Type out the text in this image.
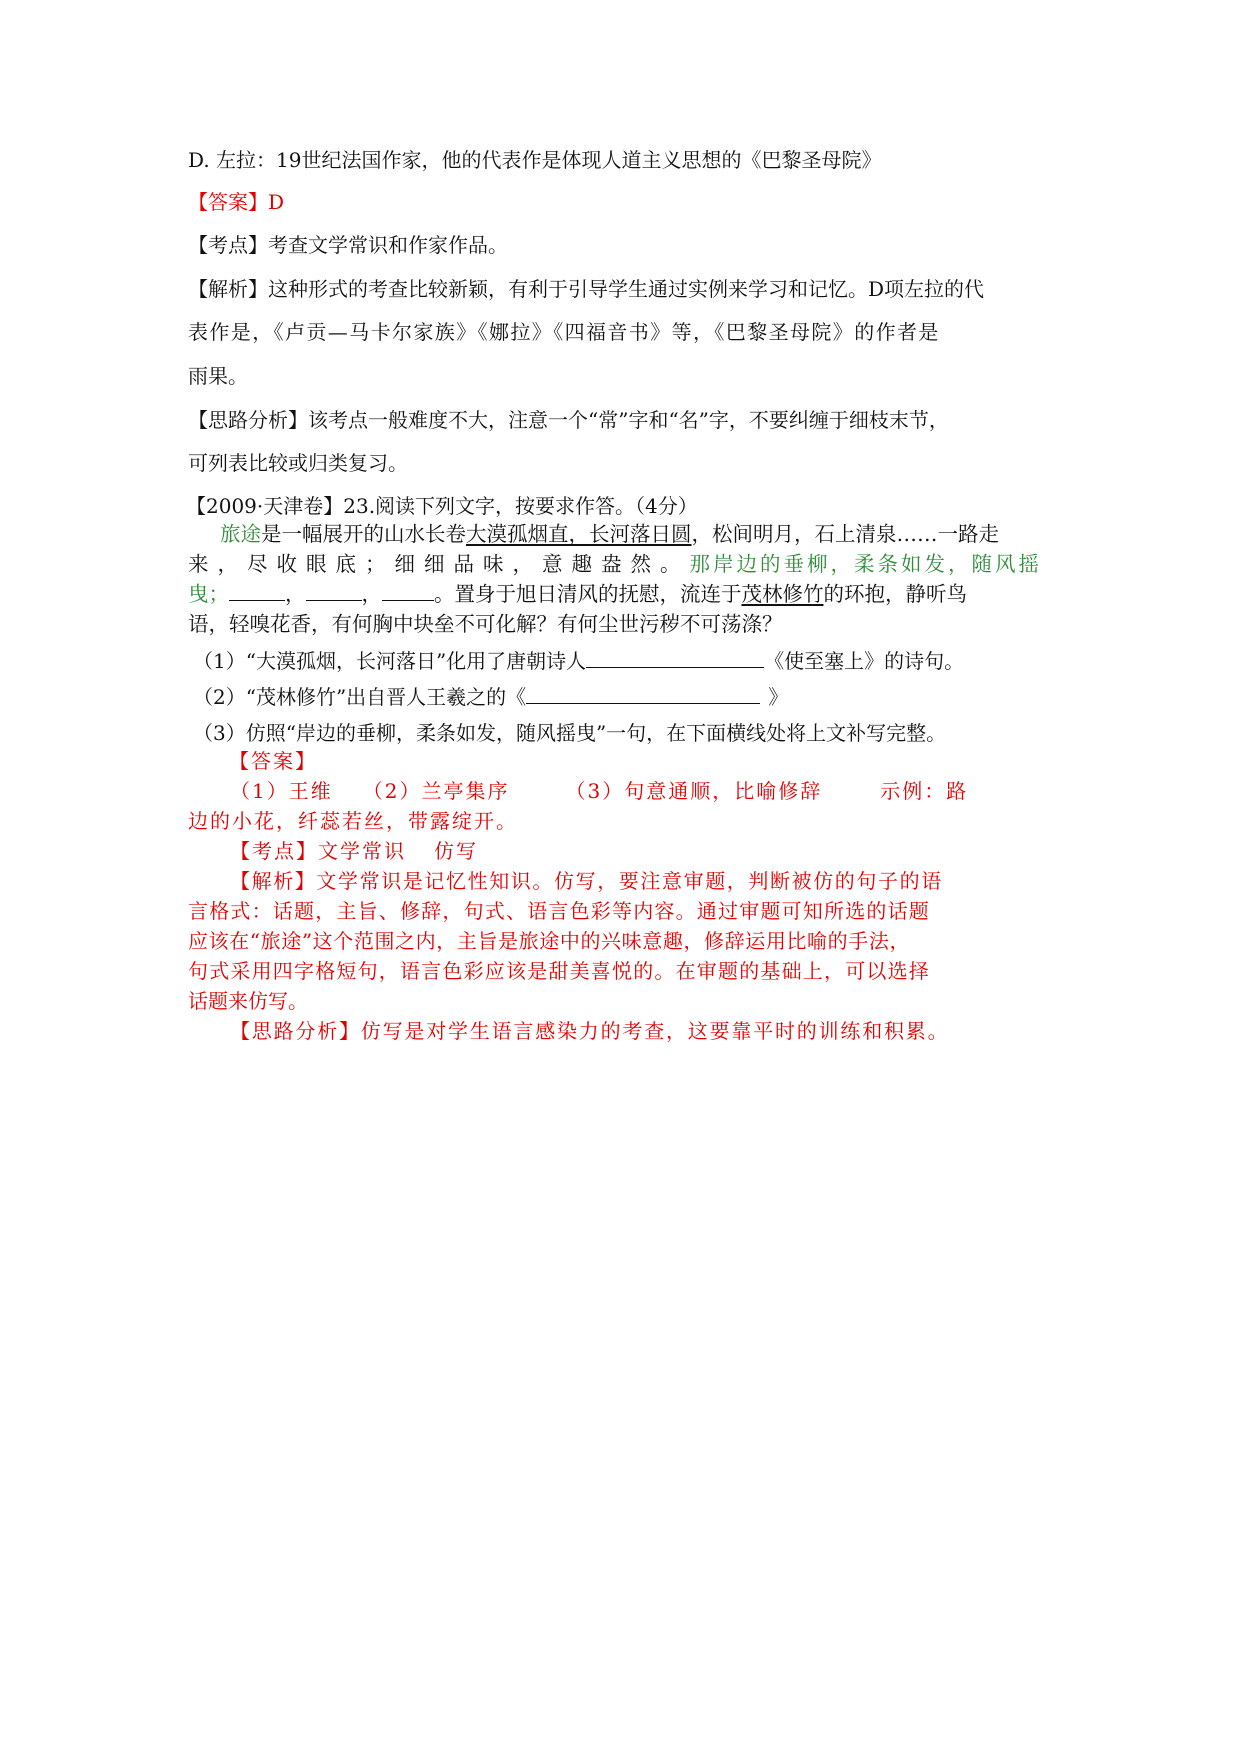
D. 左拉：19世纪法国作家，他的代表作是体现人道主义思想的《巴黎圣母院》
【答案】D
【考点】考查文学常识和作家作品。
【解析】这种形式的考查比较新颖，有利于引导学生通过实例来学习和记忆。D项左拉的代
表作是，《卢贡—马卡尔家族》《娜拉》《四福音书》等，《巴黎圣母院》的作者是
雨果。
【思路分析】该考点一般难度不大，注意一个“常”字和“名”字，不要纠缠于细枝末节，
可列表比较或归类复习。
【2009·天津卷】23.阅读下列文字，按要求作答。（4分）
旅途是一幅展开的山水长卷大漠孤烟直，长河落日圆，松间明月，石上清泉……一路走
来，尽收眼底；细细品味，意趣盎然。那岸边的垂柳，柔条如发，随风摇
曳；	，	，	。置身于旭日清风的抚慰，流连于茂林修竹的环抱，静听鸟
语，轻嗅花香，有何胸中块垒不可化解？有何尘世污秽不可荡涤？
（1）“大漠孤烟，长河落日”化用了唐朝诗人	《使至塞上》的诗句。
（2）“茂林修竹”出自晋人王羲之的《	》
（3）仿照“岸边的垂柳，柔条如发，随风摇曳”一句，在下面横线处将上文补写完整。
【答案】
（1）王维 （2）兰亭集序	（3）句意通顺，比喻修辞	示例：路
边的小花，纤蕊若丝，带露绽开。
【考点】文学常识 仿写
【解析】文学常识是记忆性知识。仿写，要注意审题，判断被仿的句子的语
言格式：话题，主旨、修辞，句式、语言色彩等内容。通过审题可知所选的话题
应该在“旅途”这个范围之内，主旨是旅途中的兴味意趣，修辞运用比喻的手法，
句式采用四字格短句，语言色彩应该是甜美喜悦的。在审题的基础上，可以选择
话题来仿写。
【思路分析】仿写是对学生语言感染力的考查，这要靠平时的训练和积累。
